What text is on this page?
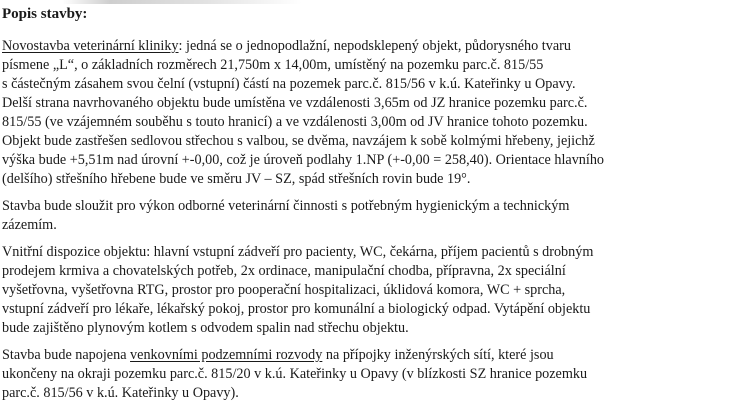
Popis stavby:
Novostavba veterinární kliniky: jedná se o jednopodlažní, nepodsklepený objekt, půdorysného tvaru
písmene „L“, o základních rozměrech 21,750m x 14,00m, umístěný na pozemku parc.č. 815/55
s částečným zásahem svou čelní (vstupní) částí na pozemek parc.č. 815/56 v k.ú. Kateřinky u Opavy.
Delší strana navrhovaného objektu bude umístěna ve vzdálenosti 3,65m od JZ hranice pozemku parc.č.
815/55 (ve vzájemném souběhu s touto hranicí) a ve vzdálenosti 3,00m od JV hranice tohoto pozemku.
Objekt bude zastřešen sedlovou střechou s valbou, se dvěma, navzájem k sobě kolmými hřebeny, jejichž
výška bude +5,51m nad úrovní +-0,00, což je úroveň podlahy 1.NP (+-0,00 = 258,40). Orientace hlavního
(delšího) střešního hřebene bude ve směru JV – SZ, spád střešních rovin bude 19°.
Stavba bude sloužit pro výkon odborné veterinární činnosti s potřebným hygienickým a technickým
zázemím.
Vnitřní dispozice objektu: hlavní vstupní zádveří pro pacienty, WC, čekárna, příjem pacientů s drobným
prodejem krmiva a chovatelských potřeb, 2x ordinace, manipulační chodba, přípravna, 2x speciální
vyšetřovna, vyšetřovna RTG, prostor pro pooperační hospitalizaci, úklidová komora, WC + sprcha,
vstupní zádveří pro lékaře, lékařský pokoj, prostor pro komunální a biologický odpad. Vytápění objektu
bude zajištěno plynovým kotlem s odvodem spalin nad střechu objektu.
Stavba bude napojena venkovními podzemními rozvody na přípojky inženýrských sítí, které jsou
ukončeny na okraji pozemku parc.č. 815/20 v k.ú. Kateřinky u Opavy (v blízkosti SZ hranice pozemku
parc.č. 815/56 v k.ú. Kateřinky u Opavy).
